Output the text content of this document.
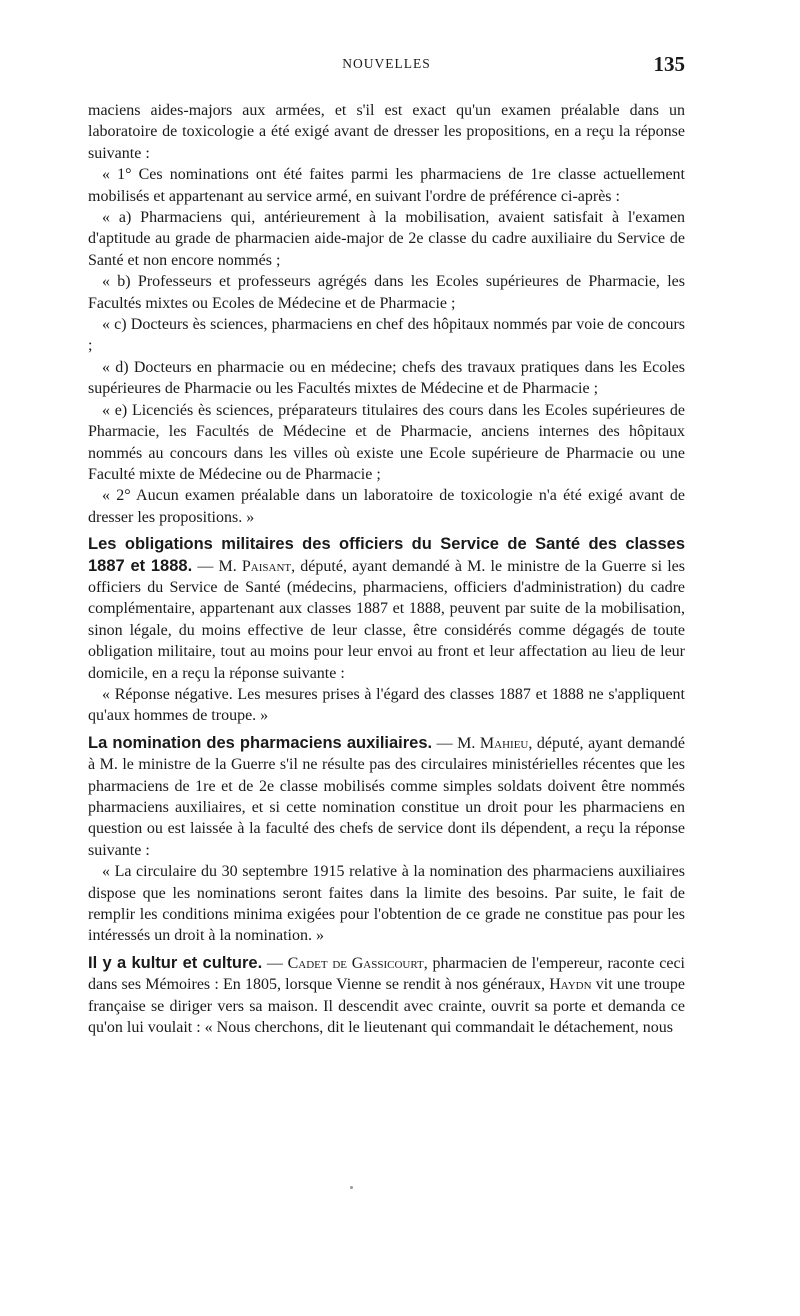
NOUVELLES	135

maciens aides-majors aux armées, et s'il est exact qu'un examen préalable dans un laboratoire de toxicologie a été exigé avant de dresser les propositions, en a reçu la réponse suivante :

« 1° Ces nominations ont été faites parmi les pharmaciens de 1re classe actuellement mobilisés et appartenant au service armé, en suivant l'ordre de préférence ci-après :

« a) Pharmaciens qui, antérieurement à la mobilisation, avaient satisfait à l'examen d'aptitude au grade de pharmacien aide-major de 2e classe du cadre auxiliaire du Service de Santé et non encore nommés ;

« b) Professeurs et professeurs agrégés dans les Ecoles supérieures de Pharmacie, les Facultés mixtes ou Ecoles de Médecine et de Pharmacie ;

« c) Docteurs ès sciences, pharmaciens en chef des hôpitaux nommés par voie de concours ;

« d) Docteurs en pharmacie ou en médecine; chefs des travaux pratiques dans les Ecoles supérieures de Pharmacie ou les Facultés mixtes de Médecine et de Pharmacie ;

« e) Licenciés ès sciences, préparateurs titulaires des cours dans les Ecoles supérieures de Pharmacie, les Facultés de Médecine et de Pharmacie, anciens internes des hôpitaux nommés au concours dans les villes où existe une Ecole supérieure de Pharmacie ou une Faculté mixte de Médecine ou de Pharmacie ;

« 2° Aucun examen préalable dans un laboratoire de toxicologie n'a été exigé avant de dresser les propositions. »

Les obligations militaires des officiers du Service de Santé des classes 1887 et 1888. — M. Paisant, député, ayant demandé à M. le ministre de la Guerre si les officiers du Service de Santé (médecins, pharmaciens, officiers d'administration) du cadre complémentaire, appartenant aux classes 1887 et 1888, peuvent par suite de la mobilisation, sinon légale, du moins effective de leur classe, être considérés comme dégagés de toute obligation militaire, tout au moins pour leur envoi au front et leur affectation au lieu de leur domicile, en a reçu la réponse suivante :

« Réponse négative. Les mesures prises à l'égard des classes 1887 et 1888 ne s'appliquent qu'aux hommes de troupe. »

La nomination des pharmaciens auxiliaires. — M. Mahieu, député, ayant demandé à M. le ministre de la Guerre s'il ne résulte pas des circulaires ministérielles récentes que les pharmaciens de 1re et de 2e classe mobilisés comme simples soldats doivent être nommés pharmaciens auxiliaires, et si cette nomination constitue un droit pour les pharmaciens en question ou est laissée à la faculté des chefs de service dont ils dépendent, a reçu la réponse suivante :

« La circulaire du 30 septembre 1915 relative à la nomination des pharmaciens auxiliaires dispose que les nominations seront faites dans la limite des besoins. Par suite, le fait de remplir les conditions minima exigées pour l'obtention de ce grade ne constitue pas pour les intéressés un droit à la nomination. »

Il y a kultur et culture. — Cadet de Gassicourt, pharmacien de l'empereur, raconte ceci dans ses Mémoires : En 1805, lorsque Vienne se rendit à nos généraux, Haydn vit une troupe française se diriger vers sa maison. Il descendit avec crainte, ouvrit sa porte et demanda ce qu'on lui voulait : « Nous cherchons, dit le lieutenant qui commandait le détachement, nous
